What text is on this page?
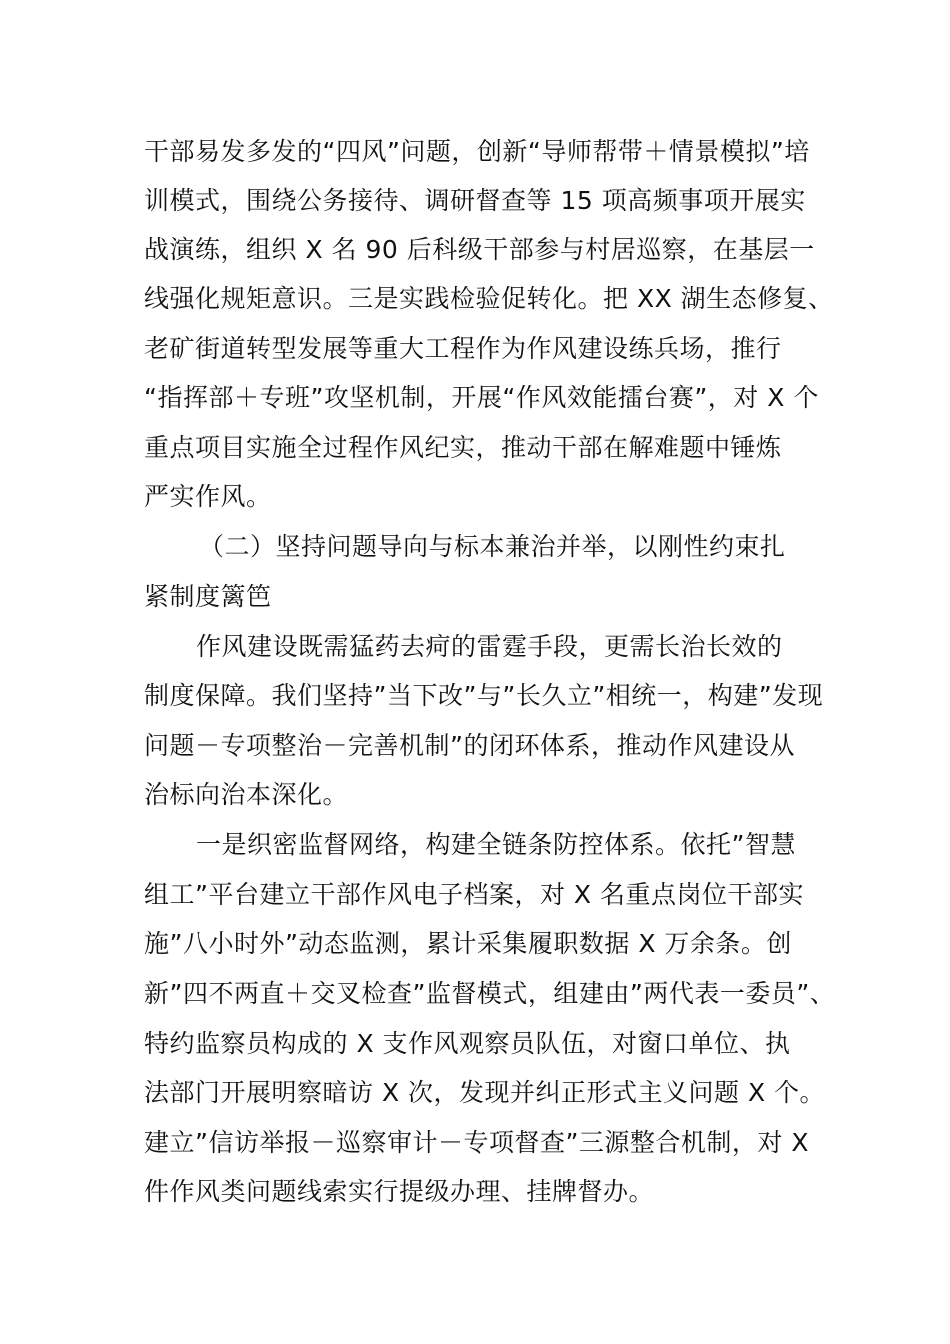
干部易发多发的“四风”问题，创新“导师帮带＋情景模拟”培
训模式，围绕公务接待、调研督查等 15 项高频事项开展实
战演练，组织 X 名 90 后科级干部参与村居巡察，在基层一
线强化规矩意识。三是实践检验促转化。把 XX 湖生态修复、
老矿街道转型发展等重大工程作为作风建设练兵场，推行
“指挥部＋专班”攻坚机制，开展“作风效能擂台赛”，对 X 个
重点项目实施全过程作风纪实，推动干部在解难题中锤炼
严实作风。
（二）坚持问题导向与标本兼治并举，以刚性约束扎
紧制度篱笆
作风建设既需猛药去疴的雷霆手段，更需长治长效的
制度保障。我们坚持”当下改”与”长久立”相统一，构建”发现
问题－专项整治－完善机制”的闭环体系，推动作风建设从
治标向治本深化。
一是织密监督网络，构建全链条防控体系。依托”智慧
组工”平台建立干部作风电子档案，对 X 名重点岗位干部实
施”八小时外”动态监测，累计采集履职数据 X 万余条。创
新”四不两直＋交叉检查”监督模式，组建由”两代表一委员”、
特约监察员构成的 X 支作风观察员队伍，对窗口单位、执
法部门开展明察暗访 X 次，发现并纠正形式主义问题 X 个。
建立”信访举报－巡察审计－专项督查”三源整合机制，对 X
件作风类问题线索实行提级办理、挂牌督办。
